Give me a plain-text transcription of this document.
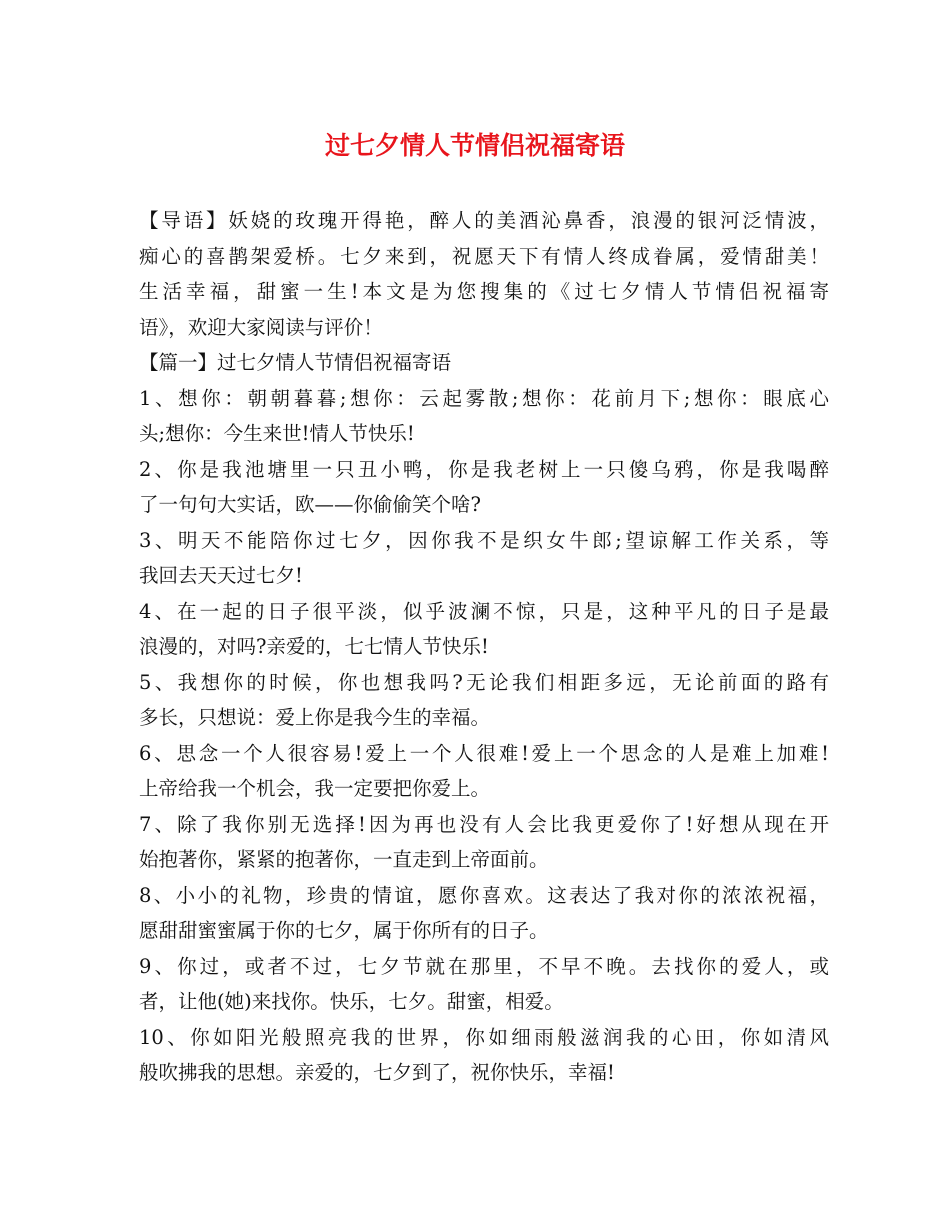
过七夕情人节情侣祝福寄语
【导语】妖娆的玫瑰开得艳，醉人的美酒沁鼻香，浪漫的银河泛情波，
痴心的喜鹊架爱桥。七夕来到，祝愿天下有情人终成眷属，爱情甜美！
生活幸福，甜蜜一生!本文是为您搜集的《过七夕情人节情侣祝福寄
语》，欢迎大家阅读与评价！
【篇一】过七夕情人节情侣祝福寄语
1、想你：朝朝暮暮;想你：云起雾散;想你：花前月下;想你：眼底心
头;想你：今生来世!情人节快乐!
2、你是我池塘里一只丑小鸭，你是我老树上一只傻乌鸦，你是我喝醉
了一句句大实话，欧——你偷偷笑个啥?
3、明天不能陪你过七夕，因你我不是织女牛郎;望谅解工作关系，等
我回去天天过七夕!
4、在一起的日子很平淡，似乎波澜不惊，只是，这种平凡的日子是最
浪漫的，对吗?亲爱的，七七情人节快乐!
5、我想你的时候，你也想我吗?无论我们相距多远，无论前面的路有
多长，只想说：爱上你是我今生的幸福。
6、思念一个人很容易!爱上一个人很难!爱上一个思念的人是难上加难!
上帝给我一个机会，我一定要把你爱上。
7、除了我你别无选择!因为再也没有人会比我更爱你了!好想从现在开
始抱著你，紧紧的抱著你，一直走到上帝面前。
8、小小的礼物，珍贵的情谊，愿你喜欢。这表达了我对你的浓浓祝福，
愿甜甜蜜蜜属于你的七夕，属于你所有的日子。
9、你过，或者不过，七夕节就在那里，不早不晚。去找你的爱人，或
者，让他(她)来找你。快乐，七夕。甜蜜，相爱。
10、你如阳光般照亮我的世界，你如细雨般滋润我的心田，你如清风
般吹拂我的思想。亲爱的，七夕到了，祝你快乐，幸福!
